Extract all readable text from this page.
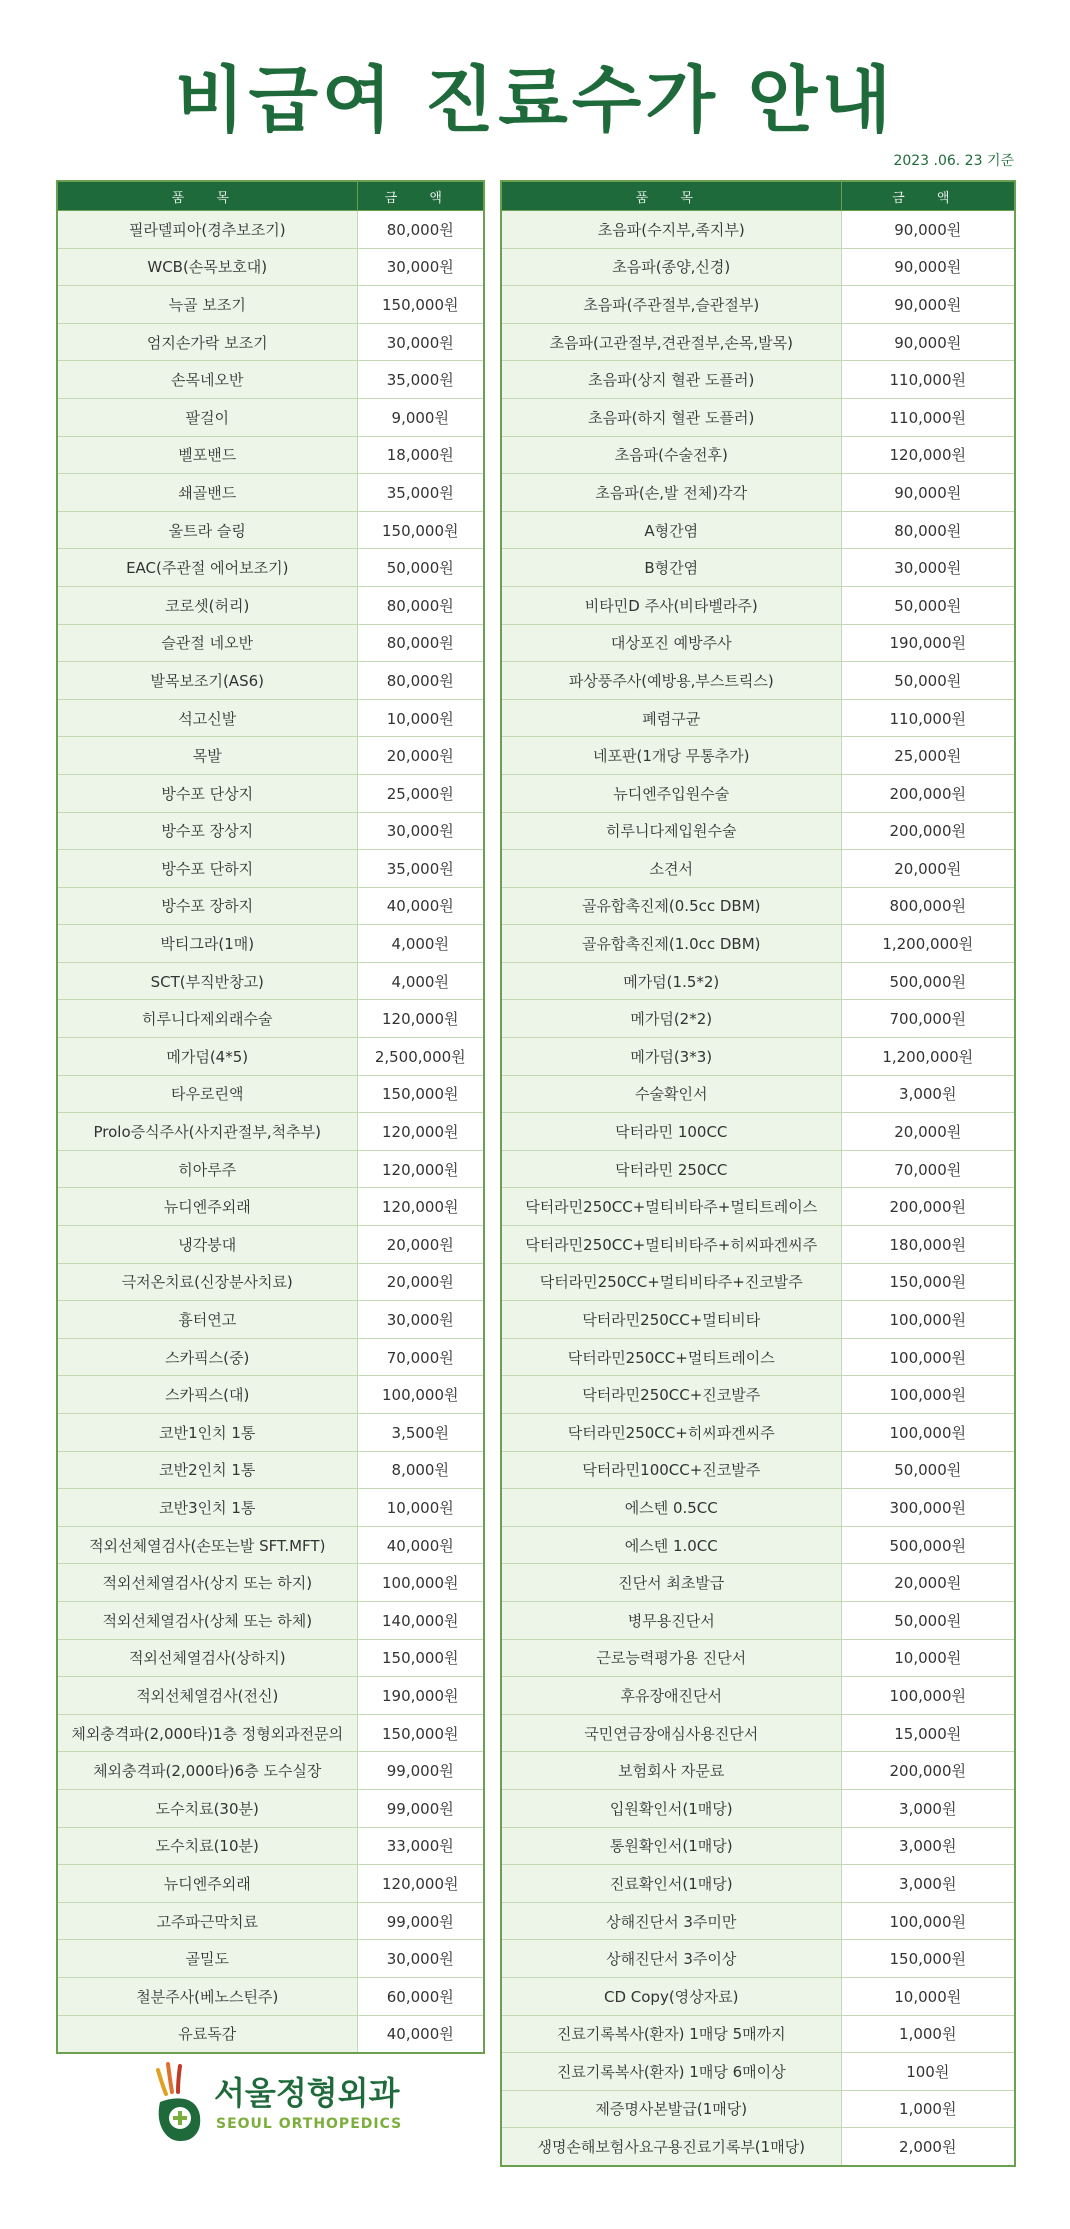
비급여 진료수가 안내
2023 .06. 23 기준
품 목	금 액
필라델피아(경추보조기)	80,000원
WCB(손목보호대)	30,000원
늑골 보조기	150,000원
엄지손가락 보조기	30,000원
손목네오반	35,000원
팔걸이	9,000원
벨포밴드	18,000원
쇄골밴드	35,000원
울트라 슬링	150,000원
EAC(주관절 에어보조기)	50,000원
코로셋(허리)	80,000원
슬관절 네오반	80,000원
발목보조기(AS6)	80,000원
석고신발	10,000원
목발	20,000원
방수포 단상지	25,000원
방수포 장상지	30,000원
방수포 단하지	35,000원
방수포 장하지	40,000원
박티그라(1매)	4,000원
SCT(부직반창고)	4,000원
히루니다제외래수술	120,000원
메가덤(4*5)	2,500,000원
타우로린액	150,000원
Prolo증식주사(사지관절부,척추부)	120,000원
히아루주	120,000원
뉴디엔주외래	120,000원
냉각붕대	20,000원
극저온치료(신장분사치료)	20,000원
흉터연고	30,000원
스카픽스(중)	70,000원
스카픽스(대)	100,000원
코반1인치 1통	3,500원
코반2인치 1통	8,000원
코반3인치 1통	10,000원
적외선체열검사(손또는발 SFT.MFT)	40,000원
적외선체열검사(상지 또는 하지)	100,000원
적외선체열검사(상체 또는 하체)	140,000원
적외선체열검사(상하지)	150,000원
적외선체열검사(전신)	190,000원
체외충격파(2,000타)1층 정형외과전문의	150,000원
체외충격파(2,000타)6층 도수실장	99,000원
도수치료(30분)	99,000원
도수치료(10분)	33,000원
뉴디엔주외래	120,000원
고주파근막치료	99,000원
골밀도	30,000원
철분주사(베노스틴주)	60,000원
유료독감	40,000원
품 목	금 액
초음파(수지부,족지부)	90,000원
초음파(종양,신경)	90,000원
초음파(주관절부,슬관절부)	90,000원
초음파(고관절부,견관절부,손목,발목)	90,000원
초음파(상지 혈관 도플러)	110,000원
초음파(하지 혈관 도플러)	110,000원
초음파(수술전후)	120,000원
초음파(손,발 전체)각각	90,000원
A형간염	80,000원
B형간염	30,000원
비타민D 주사(비타벨라주)	50,000원
대상포진 예방주사	190,000원
파상풍주사(예방용,부스트릭스)	50,000원
폐렴구균	110,000원
네포판(1개당 무통추가)	25,000원
뉴디엔주입원수술	200,000원
히루니다제입원수술	200,000원
소견서	20,000원
골유합촉진제(0.5cc DBM)	800,000원
골유합촉진제(1.0cc DBM)	1,200,000원
메가덤(1.5*2)	500,000원
메가덤(2*2)	700,000원
메가덤(3*3)	1,200,000원
수술확인서	3,000원
닥터라민 100CC	20,000원
닥터라민 250CC	70,000원
닥터라민250CC+멀티비타주+멀티트레이스	200,000원
닥터라민250CC+멀티비타주+히씨파겐씨주	180,000원
닥터라민250CC+멀티비타주+진코발주	150,000원
닥터라민250CC+멀티비타	100,000원
닥터라민250CC+멀티트레이스	100,000원
닥터라민250CC+진코발주	100,000원
닥터라민250CC+히씨파겐씨주	100,000원
닥터라민100CC+진코발주	50,000원
에스텐 0.5CC	300,000원
에스텐 1.0CC	500,000원
진단서 최초발급	20,000원
병무용진단서	50,000원
근로능력평가용 진단서	10,000원
후유장애진단서	100,000원
국민연금장애심사용진단서	15,000원
보험회사 자문료	200,000원
입원확인서(1매당)	3,000원
통원확인서(1매당)	3,000원
진료확인서(1매당)	3,000원
상해진단서 3주미만	100,000원
상해진단서 3주이상	150,000원
CD Copy(영상자료)	10,000원
진료기록복사(환자) 1매당 5매까지	1,000원
진료기록복사(환자) 1매당 6매이상	100원
제증명사본발급(1매당)	1,000원
생명손해보험사요구용진료기록부(1매당)	2,000원
서울정형외과
SEOUL ORTHOPEDICS
